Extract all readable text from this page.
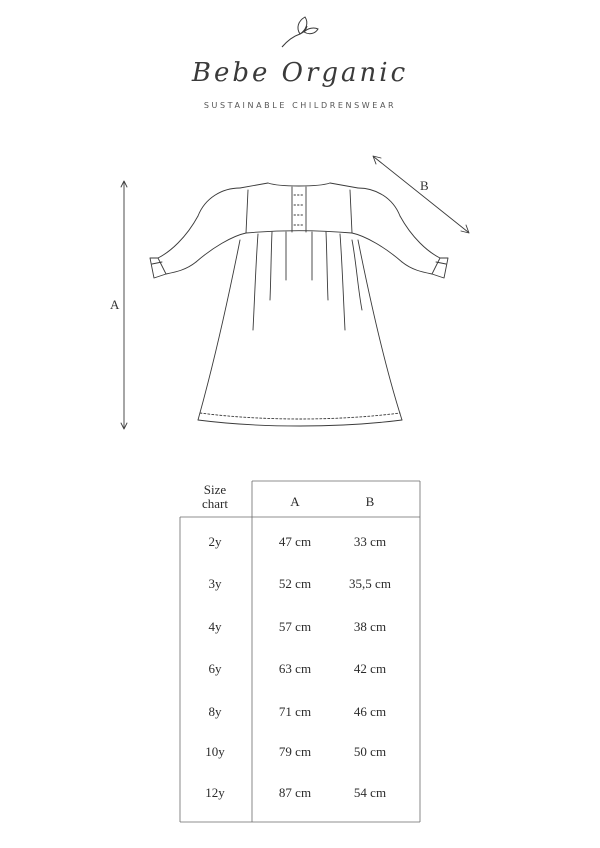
Bebe Organic
SUSTAINABLE CHILDRENSWEAR
A
B
Size
chart	A	B
2y	47 cm	33 cm
3y	52 cm	35,5 cm
4y	57 cm	38 cm
6y	63 cm	42 cm
8y	71 cm	46 cm
10y	79 cm	50 cm
12y	87 cm	54 cm
